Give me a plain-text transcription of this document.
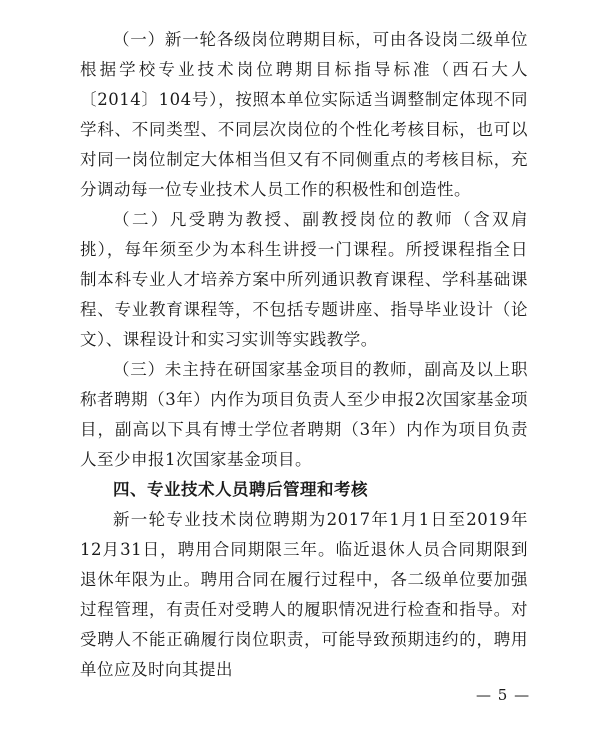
（一）新一轮各级岗位聘期目标，可由各设岗二级单位根据学校专业技术岗位聘期目标指导标准（西石大人〔2014〕104号），按照本单位实际适当调整制定体现不同学科、不同类型、不同层次岗位的个性化考核目标，也可以对同一岗位制定大体相当但又有不同侧重点的考核目标，充分调动每一位专业技术人员工作的积极性和创造性。

（二）凡受聘为教授、副教授岗位的教师（含双肩挑），每年须至少为本科生讲授一门课程。所授课程指全日制本科专业人才培养方案中所列通识教育课程、学科基础课程、专业教育课程等，不包括专题讲座、指导毕业设计（论文）、课程设计和实习实训等实践教学。

（三）未主持在研国家基金项目的教师，副高及以上职称者聘期（3年）内作为项目负责人至少申报2次国家基金项目，副高以下具有博士学位者聘期（3年）内作为项目负责人至少申报1次国家基金项目。

四、专业技术人员聘后管理和考核

新一轮专业技术岗位聘期为2017年1月1日至2019年12月31日，聘用合同期限三年。临近退休人员合同期限到退休年限为止。聘用合同在履行过程中，各二级单位要加强过程管理，有责任对受聘人的履职情况进行检查和指导。对受聘人不能正确履行岗位职责，可能导致预期违约的，聘用单位应及时向其提出

— 5 —
